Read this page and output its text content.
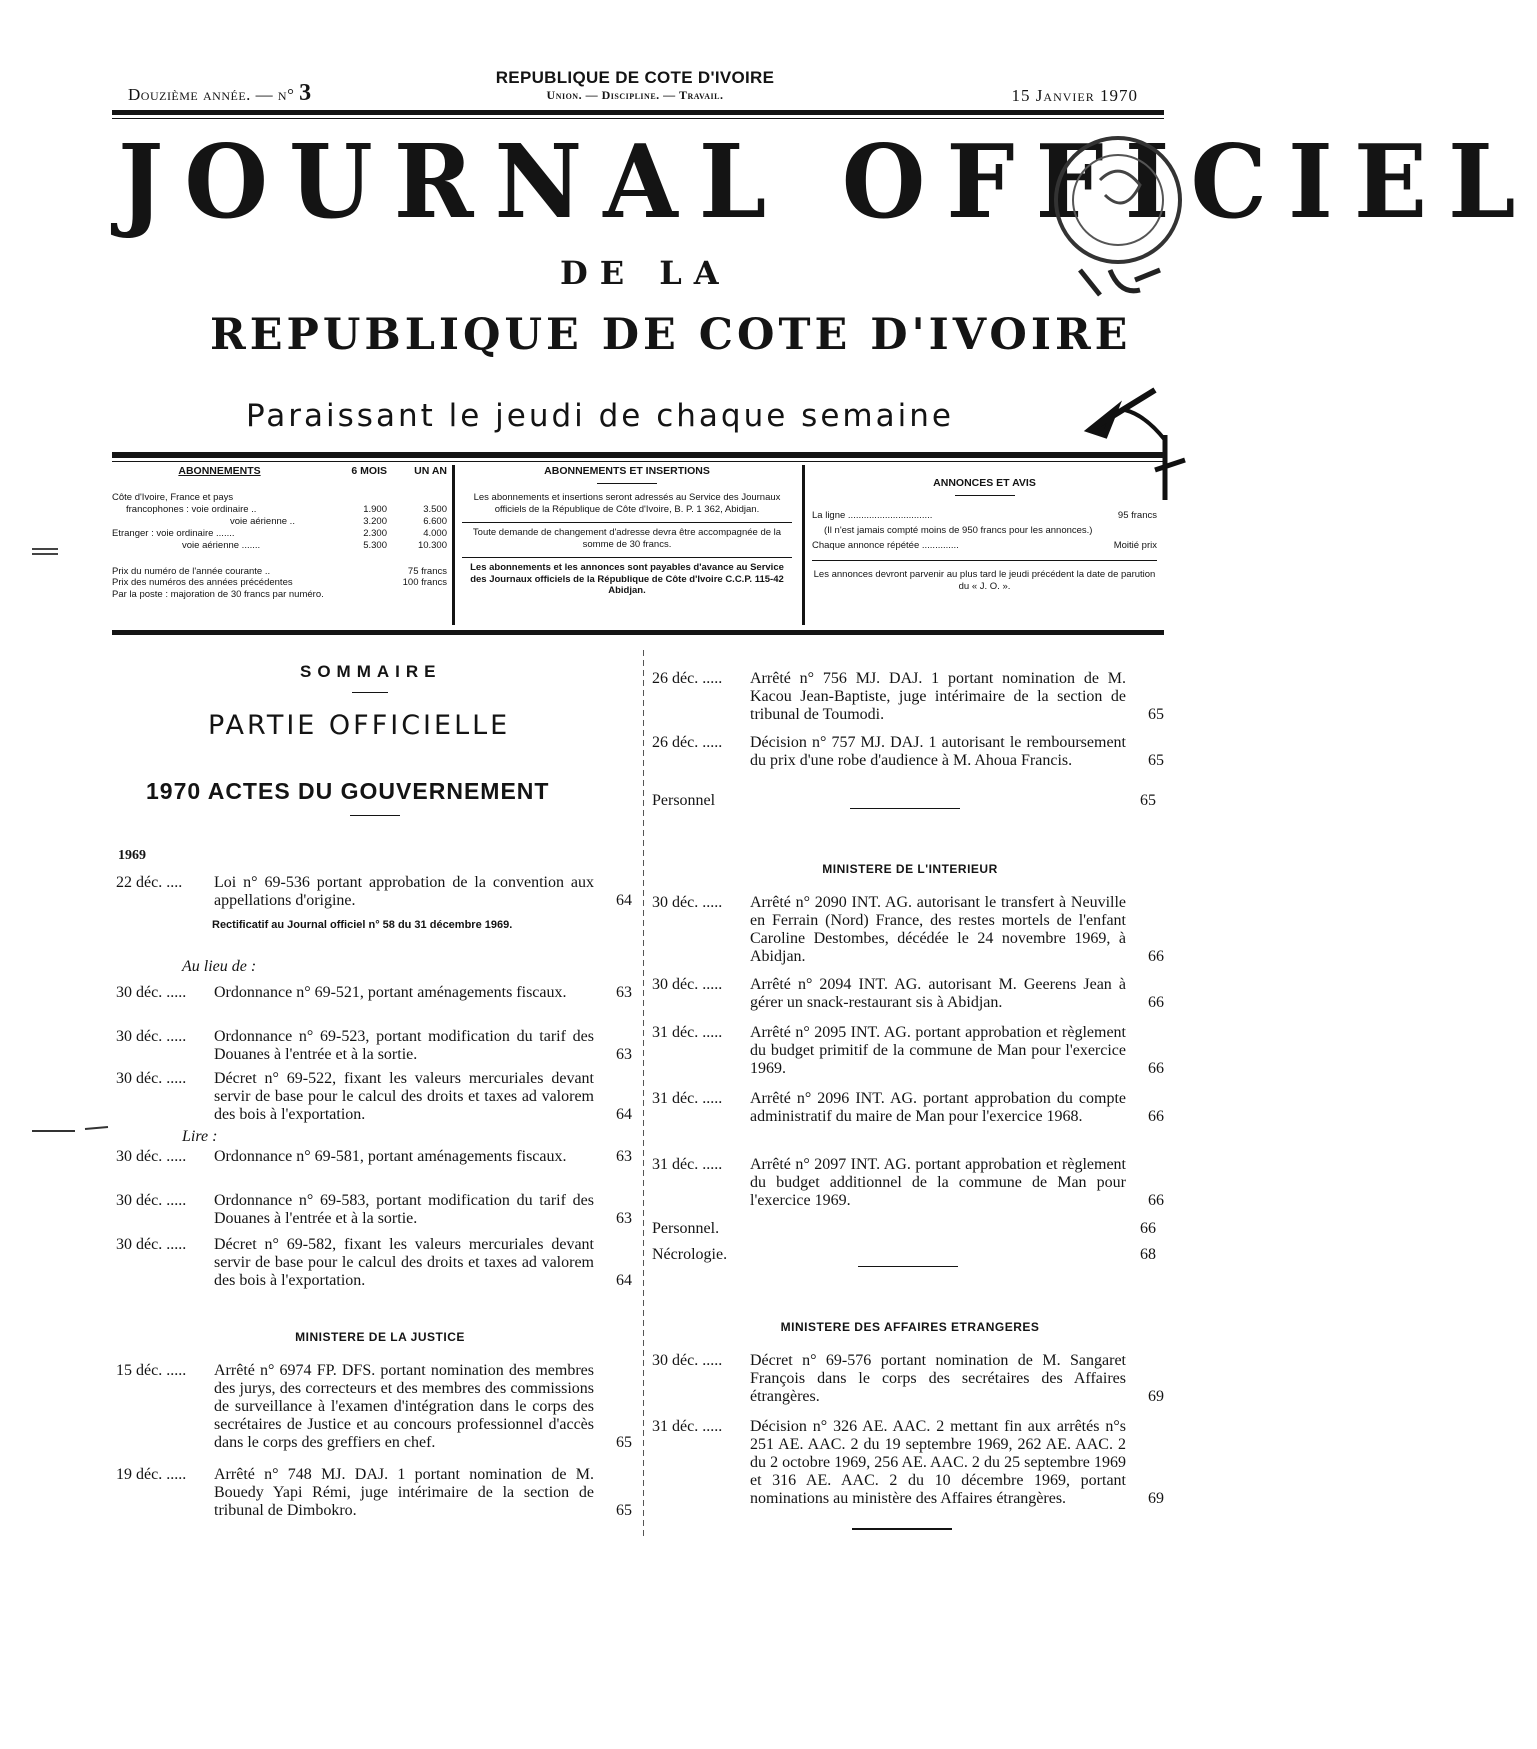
Douzième année. — n° 3
REPUBLIQUE DE COTE D'IVOIRE
Union. — Discipline. — Travail.	15 Janvier 1970
JOURNAL OFFICIEL
DE LA
REPUBLIQUE DE COTE D'IVOIRE
Paraissant le jeudi de chaque semaine
ABONNEMENTS	6 MOIS	UN AN
Côte d'Ivoire, France et pays
francophones : voie ordinaire ..	1.900	3.500
voie aérienne ..	3.200	6.600
Etranger : voie ordinaire .......	2.300	4.000
voie aérienne .......	5.300	10.300
Prix du numéro de l'année courante ..	75 francs
Prix des numéros des années précédentes	100 francs
Par la poste : majoration de 30 francs par numéro.
ABONNEMENTS ET INSERTIONS
Les abonnements et insertions seront adressés au Service des Journaux officiels de la République de Côte d'Ivoire, B. P. 1 362, Abidjan.
Toute demande de changement d'adresse devra être accompagnée de la somme de 30 francs.
Les abonnements et les annonces sont payables d'avance au Service des Journaux officiels de la République de Côte d'Ivoire C.C.P. 115-42 Abidjan.
ANNONCES ET AVIS
La ligne ................................	95 francs
(Il n'est jamais compté moins de 950 francs pour les annonces.)
Chaque annonce répétée ..............	Moitié prix
Les annonces devront parvenir au plus tard le jeudi précédent la date de parution du « J. O. ».
SOMMAIRE
PARTIE OFFICIELLE
1970 ACTES DU GOUVERNEMENT
1969
22 déc. ....	Loi n° 69-536 portant approbation de la convention aux appellations d'origine.	64
Rectificatif au Journal officiel n° 58 du 31 décembre 1969.
Au lieu de :
30 déc. .....	Ordonnance n° 69-521, portant aménagements fiscaux.	63
30 déc. .....	Ordonnance n° 69-523, portant modification du tarif des Douanes à l'entrée et à la sortie.	63
30 déc. .....	Décret n° 69-522, fixant les valeurs mercuriales devant servir de base pour le calcul des droits et taxes ad valorem des bois à l'exportation.	64
Lire :
30 déc. .....	Ordonnance n° 69-581, portant aménagements fiscaux.	63
30 déc. .....	Ordonnance n° 69-583, portant modification du tarif des Douanes à l'entrée et à la sortie.	63
30 déc. .....	Décret n° 69-582, fixant les valeurs mercuriales devant servir de base pour le calcul des droits et taxes ad valorem des bois à l'exportation.	64
MINISTERE DE LA JUSTICE
15 déc. .....	Arrêté n° 6974 FP. DFS. portant nomination des membres des jurys, des correcteurs et des membres des commissions de surveillance à l'examen d'intégration dans le corps des secrétaires de Justice et au concours professionnel d'accès dans le corps des greffiers en chef.	65
19 déc. .....	Arrêté n° 748 MJ. DAJ. 1 portant nomination de M. Bouedy Yapi Rémi, juge intérimaire de la section de tribunal de Dimbokro.	65
26 déc. .....	Arrêté n° 756 MJ. DAJ. 1 portant nomination de M. Kacou Jean-Baptiste, juge intérimaire de la section de tribunal de Toumodi.	65
26 déc. .....	Décision n° 757 MJ. DAJ. 1 autorisant le remboursement du prix d'une robe d'audience à M. Ahoua Francis.	65
Personnel	65
MINISTERE DE L'INTERIEUR
30 déc. .....	Arrêté n° 2090 INT. AG. autorisant le transfert à Neuville en Ferrain (Nord) France, des restes mortels de l'enfant Caroline Destombes, décédée le 24 novembre 1969, à Abidjan.	66
30 déc. .....	Arrêté n° 2094 INT. AG. autorisant M. Geerens Jean à gérer un snack-restaurant sis à Abidjan.	66
31 déc. .....	Arrêté n° 2095 INT. AG. portant approbation et règlement du budget primitif de la commune de Man pour l'exercice 1969.	66
31 déc. .....	Arrêté n° 2096 INT. AG. portant approbation du compte administratif du maire de Man pour l'exercice 1968.	66
31 déc. .....	Arrêté n° 2097 INT. AG. portant approbation et règlement du budget additionnel de la commune de Man pour l'exercice 1969.	66
Personnel.	66
Nécrologie.	68
MINISTERE DES AFFAIRES ETRANGERES
30 déc. .....	Décret n° 69-576 portant nomination de M. Sangaret François dans le corps des secrétaires des Affaires étrangères.	69
31 déc. .....	Décision n° 326 AE. AAC. 2 mettant fin aux arrêtés n°s 251 AE. AAC. 2 du 19 septembre 1969, 262 AE. AAC. 2 du 2 octobre 1969, 256 AE. AAC. 2 du 25 septembre 1969 et 316 AE. AAC. 2 du 10 décembre 1969, portant nominations au ministère des Affaires étrangères.	69
